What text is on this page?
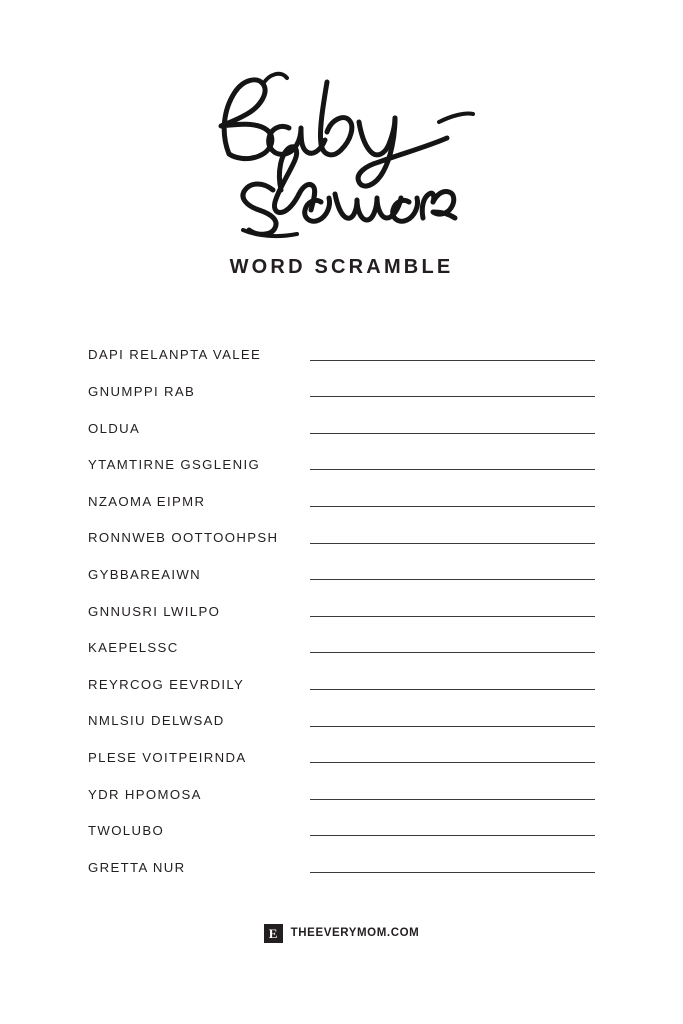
WORD SCRAMBLE
DAPI RELANPTA VALEE
GNUMPPI RAB
OLDUA
YTAMTIRNE GSGLENIG
NZAOMA EIPMR
RONNWEB OOTTOOHPSH
GYBBAREAIWN
GNNUSRI LWILPO
KAEPELSSC
REYRCOG EEVRDILY
NMLSIU DELWSAD
PLESE VOITPEIRNDA
YDR HPOMOSA
TWOLUBO
GRETTA NUR
E	THEEVERYMOM.COM
